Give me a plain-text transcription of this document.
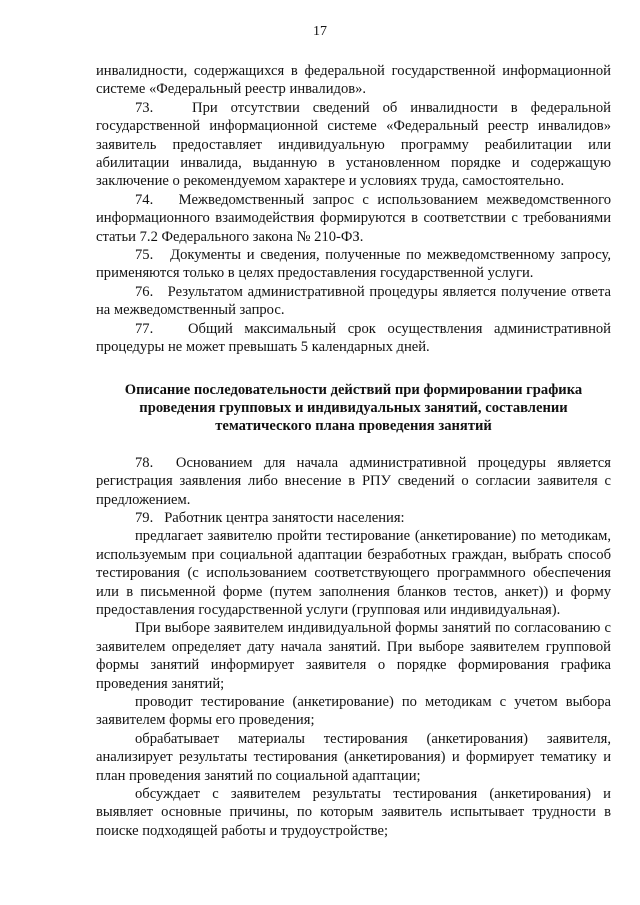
17

инвалидности, содержащихся в федеральной государственной информационной системе «Федеральный реестр инвалидов».

73.   При отсутствии сведений об инвалидности в федеральной государственной информационной системе «Федеральный реестр инвалидов» заявитель предоставляет индивидуальную программу реабилитации или абилитации инвалида, выданную в установленном порядке и содержащую заключение о рекомендуемом характере и условиях труда, самостоятельно.

74.   Межведомственный запрос с использованием межведомственного информационного взаимодействия формируются в соответствии с требованиями статьи 7.2 Федерального закона № 210-ФЗ.

75.   Документы и сведения, полученные по межведомственному запросу, применяются только в целях предоставления государственной услуги.

76.   Результатом административной процедуры является получение ответа на межведомственный запрос.

77.   Общий максимальный срок осуществления административной процедуры не может превышать 5 календарных дней.

Описание последовательности действий при формировании графика проведения групповых и индивидуальных занятий, составлении тематического плана проведения занятий

78.  Основанием для начала административной процедуры является регистрация заявления либо внесение в РПУ сведений о согласии заявителя с предложением.

79.   Работник центра занятости населения:

предлагает заявителю пройти тестирование (анкетирование) по методикам, используемым при социальной адаптации безработных граждан, выбрать способ тестирования (с использованием соответствующего программного обеспечения или в письменной форме (путем заполнения бланков тестов, анкет)) и форму предоставления государственной услуги (групповая или индивидуальная).

При выборе заявителем индивидуальной формы занятий по согласованию с заявителем определяет дату начала занятий. При выборе заявителем групповой формы занятий информирует заявителя о порядке формирования графика проведения занятий;

проводит тестирование (анкетирование) по методикам с учетом выбора заявителем формы его проведения;

обрабатывает материалы тестирования (анкетирования) заявителя, анализирует результаты тестирования (анкетирования) и формирует тематику и план проведения занятий по социальной адаптации;

обсуждает с заявителем результаты тестирования (анкетирования) и выявляет основные причины, по которым заявитель испытывает трудности в поиске подходящей работы и трудоустройстве;
